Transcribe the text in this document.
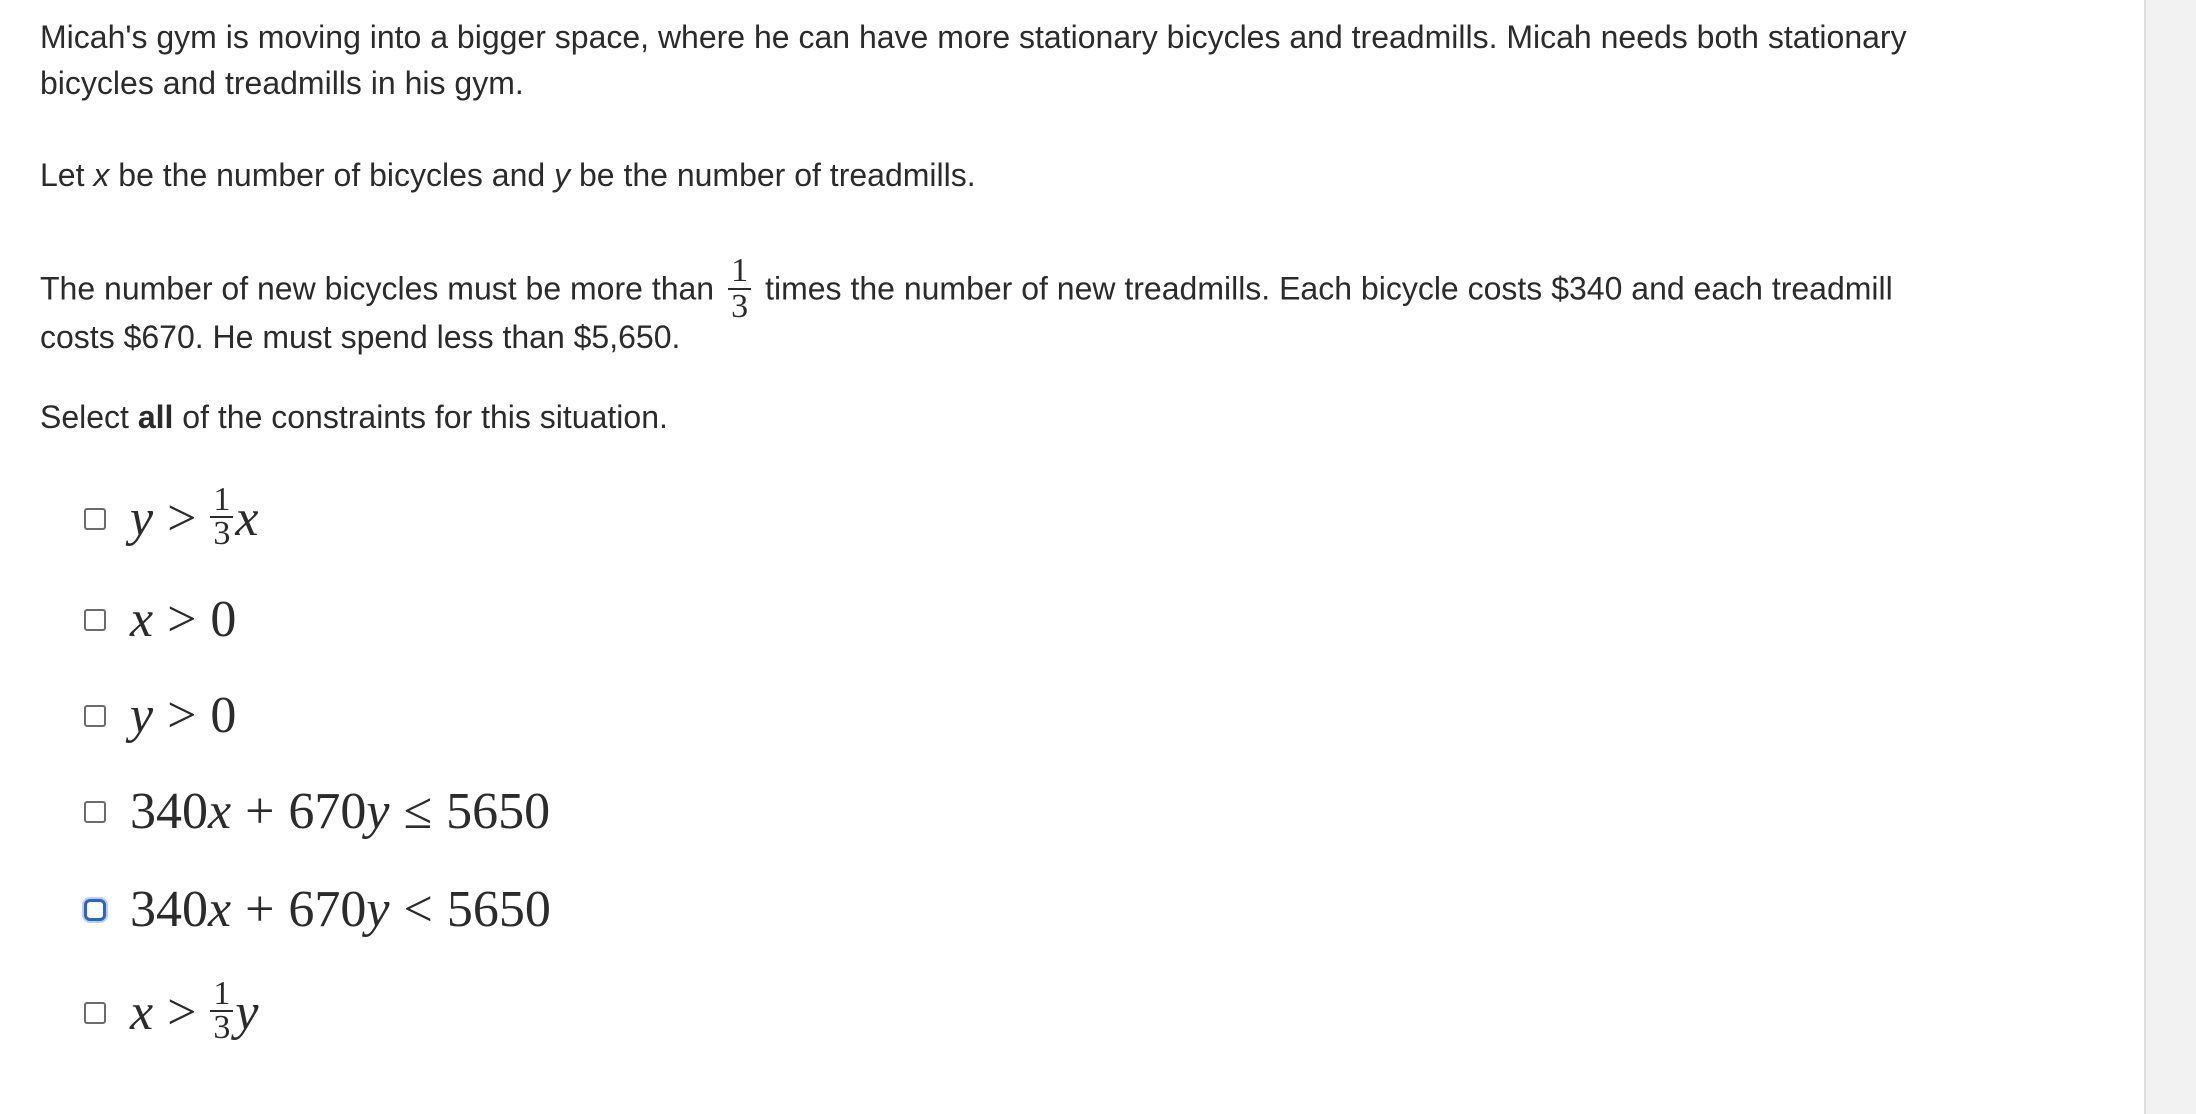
Micah's gym is moving into a bigger space, where he can have more stationary bicycles and treadmills. Micah needs both stationary
bicycles and treadmills in his gym.
Let x be the number of bicycles and y be the number of treadmills.
The number of new bicycles must be more than $\frac{1}{3}$ times the number of new treadmills. Each bicycle costs $340 and each treadmill
costs $670. He must spend less than $5,650.
Select all of the constraints for this situation.
$y > \frac{1}{3}$ x
x > 0
y > 0
340 x + 670 y ≤ 5650
340 x + 670 y < 5650
$x > \frac{1}{3}$ y
